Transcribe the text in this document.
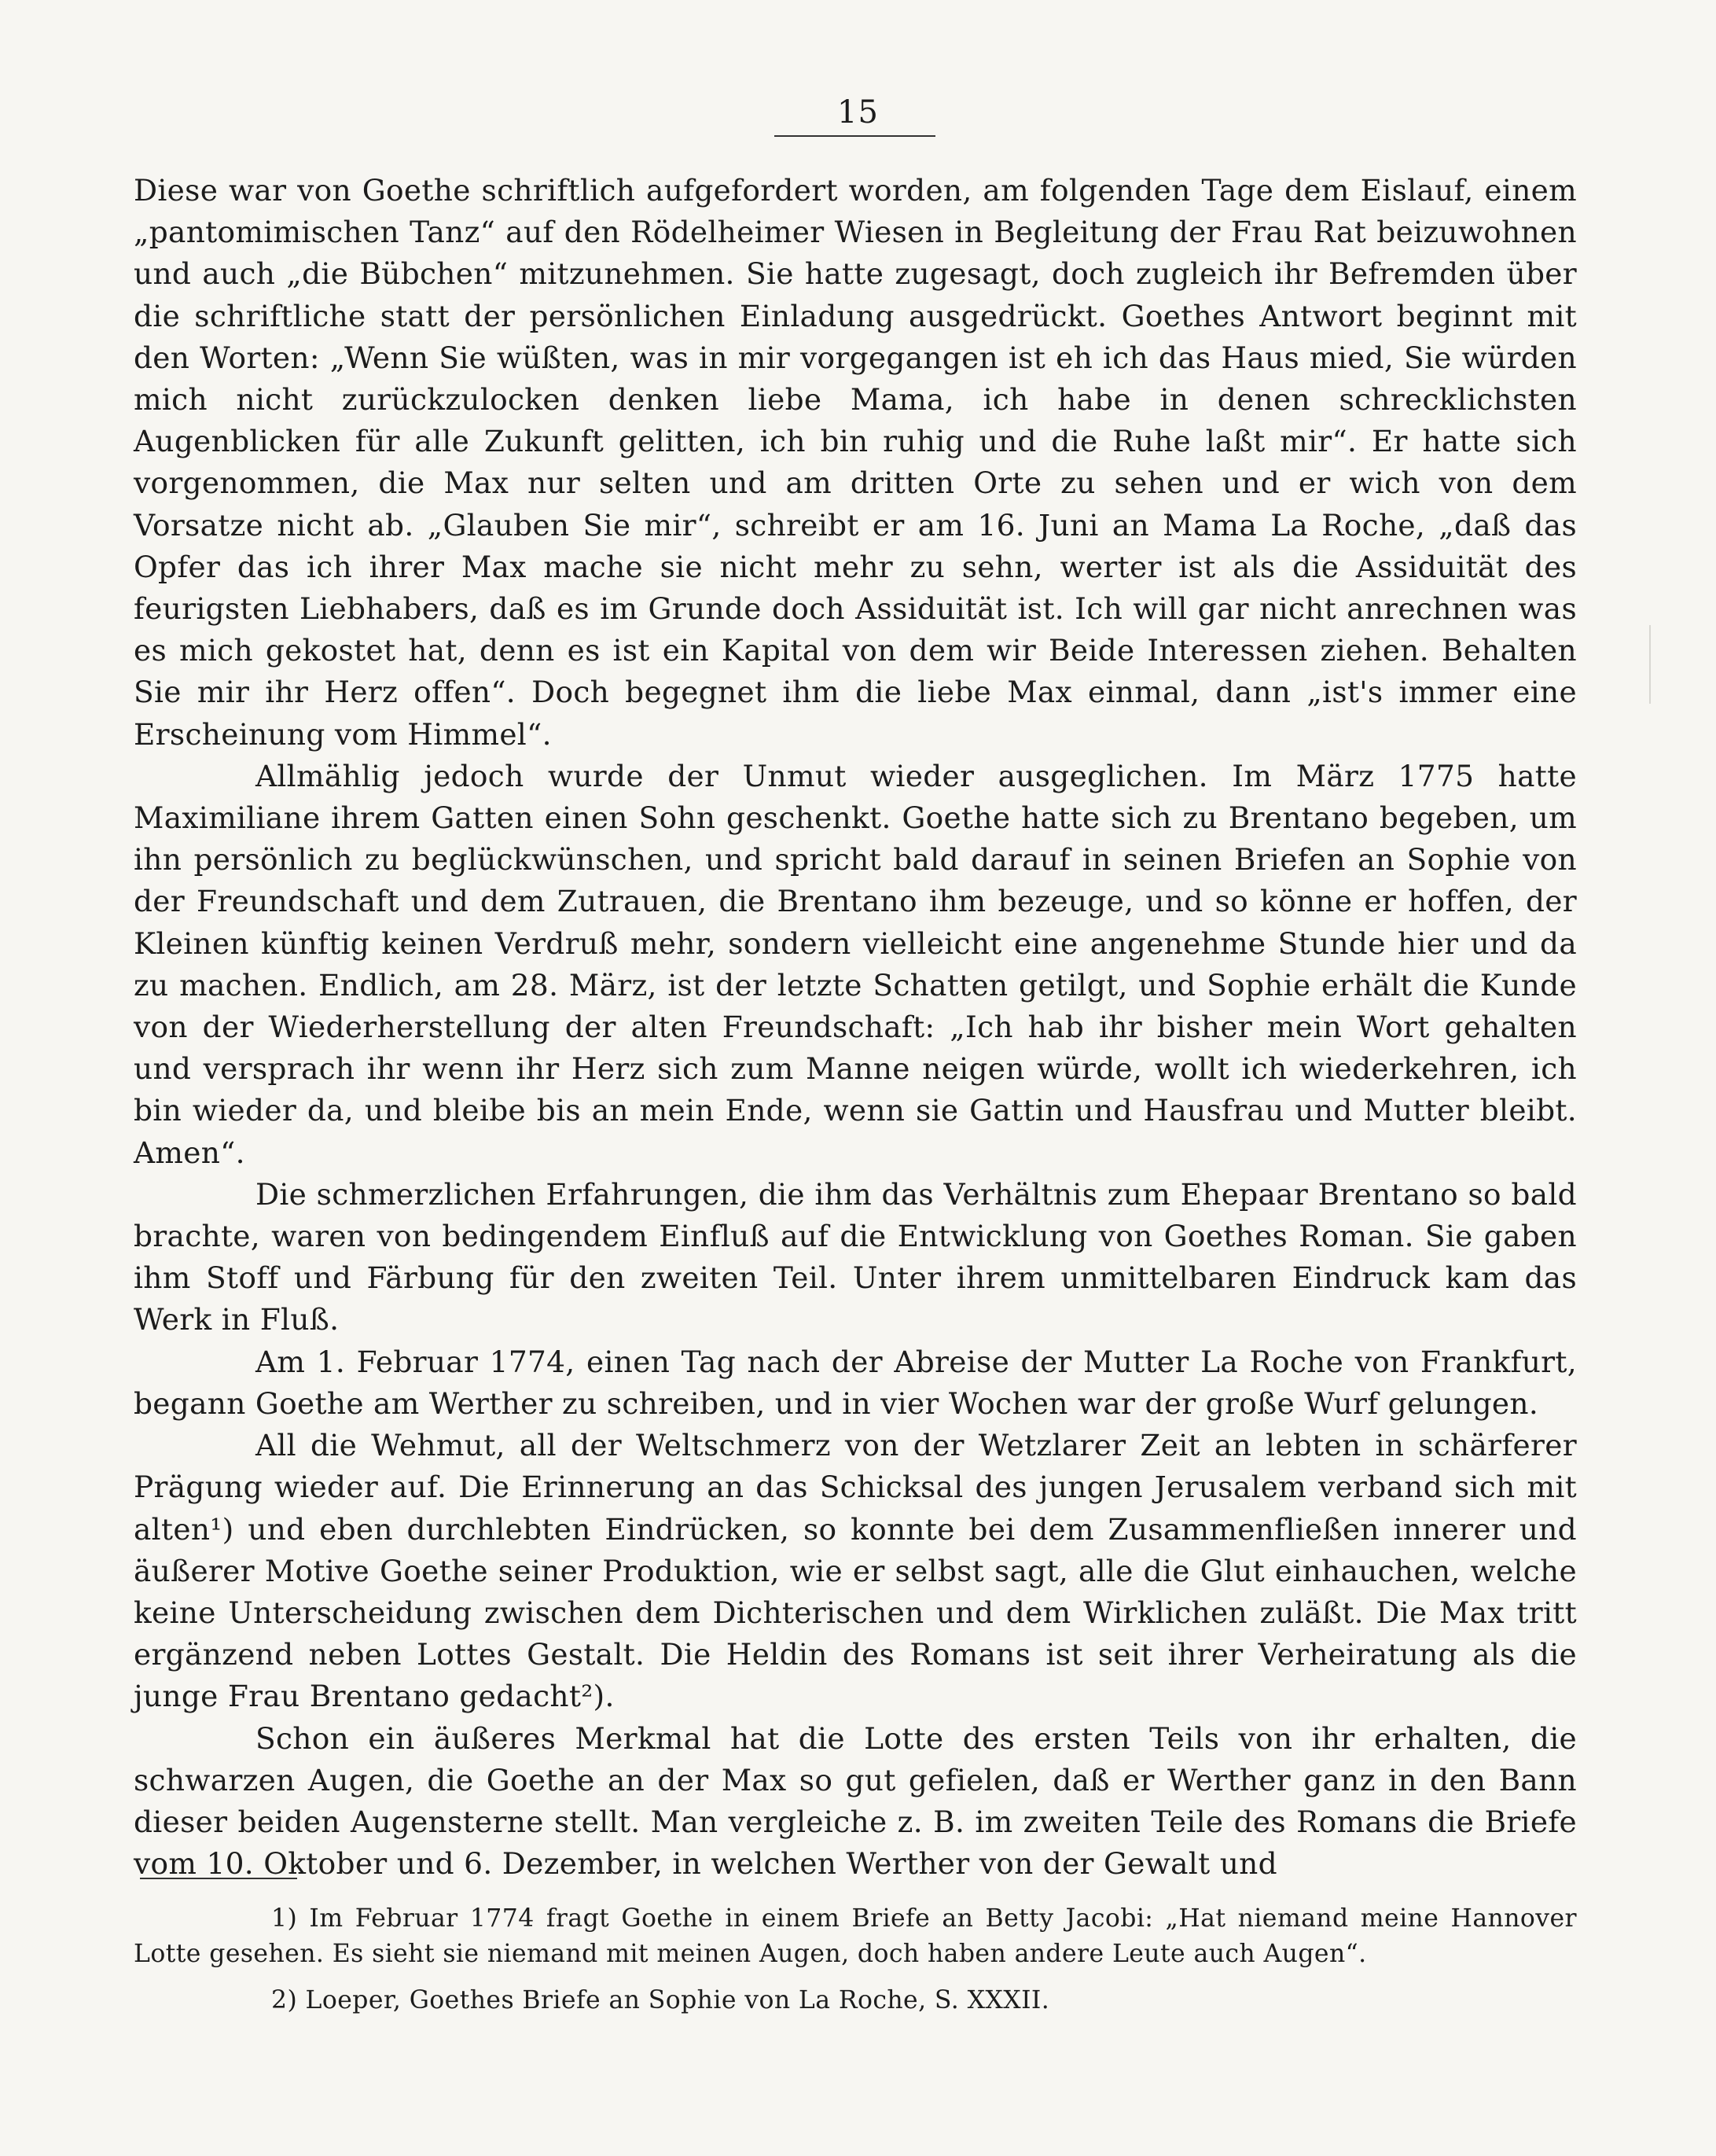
15

Diese war von Goethe schriftlich aufgefordert worden, am folgenden Tage dem Eislauf, einem „pantomimischen Tanz“ auf den Rödelheimer Wiesen in Begleitung der Frau Rat beizuwohnen und auch „die Bübchen“ mitzunehmen. Sie hatte zugesagt, doch zugleich ihr Befremden über die schriftliche statt der persönlichen Einladung ausgedrückt. Goethes Antwort beginnt mit den Worten: „Wenn Sie wüßten, was in mir vorgegangen ist eh ich das Haus mied, Sie würden mich nicht zurückzulocken denken liebe Mama, ich habe in denen schrecklichsten Augenblicken für alle Zukunft gelitten, ich bin ruhig und die Ruhe laßt mir“. Er hatte sich vorgenommen, die Max nur selten und am dritten Orte zu sehen und er wich von dem Vorsatze nicht ab. „Glauben Sie mir“, schreibt er am 16. Juni an Mama La Roche, „daß das Opfer das ich ihrer Max mache sie nicht mehr zu sehn, werter ist als die Assiduität des feurigsten Liebhabers, daß es im Grunde doch Assiduität ist. Ich will gar nicht anrechnen was es mich gekostet hat, denn es ist ein Kapital von dem wir Beide Interessen ziehen. Behalten Sie mir ihr Herz offen“. Doch begegnet ihm die liebe Max einmal, dann „ist's immer eine Erscheinung vom Himmel“.

Allmählig jedoch wurde der Unmut wieder ausgeglichen. Im März 1775 hatte Maximiliane ihrem Gatten einen Sohn geschenkt. Goethe hatte sich zu Brentano begeben, um ihn persönlich zu beglückwünschen, und spricht bald darauf in seinen Briefen an Sophie von der Freundschaft und dem Zutrauen, die Brentano ihm bezeuge, und so könne er hoffen, der Kleinen künftig keinen Verdruß mehr, sondern vielleicht eine angenehme Stunde hier und da zu machen. Endlich, am 28. März, ist der letzte Schatten getilgt, und Sophie erhält die Kunde von der Wiederherstellung der alten Freundschaft: „Ich hab ihr bisher mein Wort gehalten und versprach ihr wenn ihr Herz sich zum Manne neigen würde, wollt ich wiederkehren, ich bin wieder da, und bleibe bis an mein Ende, wenn sie Gattin und Hausfrau und Mutter bleibt. Amen“.

Die schmerzlichen Erfahrungen, die ihm das Verhältnis zum Ehepaar Brentano so bald brachte, waren von bedingendem Einfluß auf die Entwicklung von Goethes Roman. Sie gaben ihm Stoff und Färbung für den zweiten Teil. Unter ihrem unmittelbaren Eindruck kam das Werk in Fluß.

Am 1. Februar 1774, einen Tag nach der Abreise der Mutter La Roche von Frankfurt, begann Goethe am Werther zu schreiben, und in vier Wochen war der große Wurf gelungen.

All die Wehmut, all der Weltschmerz von der Wetzlarer Zeit an lebten in schärferer Prägung wieder auf. Die Erinnerung an das Schicksal des jungen Jerusalem verband sich mit alten¹) und eben durchlebten Eindrücken, so konnte bei dem Zusammenfließen innerer und äußerer Motive Goethe seiner Produktion, wie er selbst sagt, alle die Glut einhauchen, welche keine Unterscheidung zwischen dem Dichterischen und dem Wirklichen zuläßt. Die Max tritt ergänzend neben Lottes Gestalt. Die Heldin des Romans ist seit ihrer Verheiratung als die junge Frau Brentano gedacht²).

Schon ein äußeres Merkmal hat die Lotte des ersten Teils von ihr erhalten, die schwarzen Augen, die Goethe an der Max so gut gefielen, daß er Werther ganz in den Bann dieser beiden Augensterne stellt. Man vergleiche z. B. im zweiten Teile des Romans die Briefe vom 10. Oktober und 6. Dezember, in welchen Werther von der Gewalt und

1) Im Februar 1774 fragt Goethe in einem Briefe an Betty Jacobi: „Hat niemand meine Hannover Lotte gesehen. Es sieht sie niemand mit meinen Augen, doch haben andere Leute auch Augen“.

2) Loeper, Goethes Briefe an Sophie von La Roche, S. XXXII.
